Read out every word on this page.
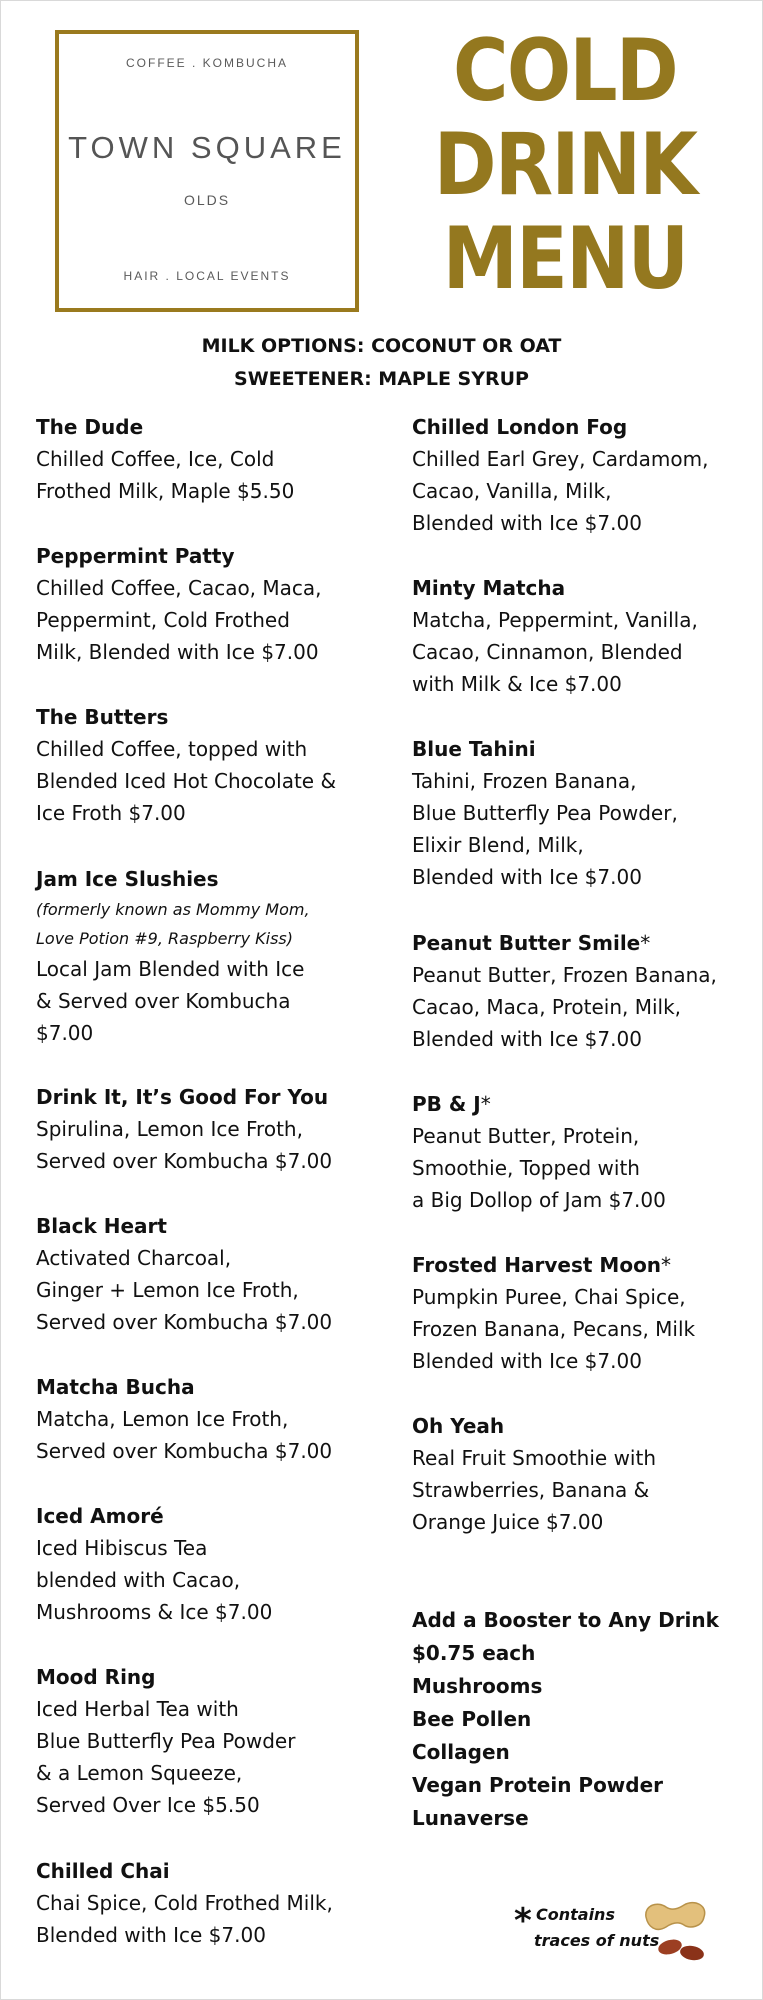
COFFEE . KOMBUCHA
TOWN SQUARE
OLDS
HAIR . LOCAL EVENTS
COLD
DRINK
MENU
MILK OPTIONS: COCONUT OR OAT
SWEETENER: MAPLE SYRUP
The Dude
Chilled Coffee, Ice, Cold
Frothed Milk, Maple $5.50
Peppermint Patty
Chilled Coffee, Cacao, Maca,
Peppermint, Cold Frothed
Milk, Blended with Ice $7.00
The Butters
Chilled Coffee, topped with
Blended Iced Hot Chocolate &
Ice Froth $7.00
Jam Ice Slushies
(formerly known as Mommy Mom,
Love Potion #9, Raspberry Kiss)
Local Jam Blended with Ice
& Served over Kombucha
$7.00
Drink It, It’s Good For You
Spirulina, Lemon Ice Froth,
Served over Kombucha $7.00
Black Heart
Activated Charcoal,
Ginger + Lemon Ice Froth,
Served over Kombucha $7.00
Matcha Bucha
Matcha, Lemon Ice Froth,
Served over Kombucha $7.00
Iced Amoré
Iced Hibiscus Tea
blended with Cacao,
Mushrooms & Ice $7.00
Mood Ring
Iced Herbal Tea with
Blue Butterfly Pea Powder
& a Lemon Squeeze,
Served Over Ice $5.50
Chilled Chai
Chai Spice, Cold Frothed Milk,
Blended with Ice $7.00
Chilled London Fog
Chilled Earl Grey, Cardamom,
Cacao, Vanilla, Milk,
Blended with Ice $7.00
Minty Matcha
Matcha, Peppermint, Vanilla,
Cacao, Cinnamon, Blended
with Milk & Ice $7.00
Blue Tahini
Tahini, Frozen Banana,
Blue Butterfly Pea Powder,
Elixir Blend, Milk,
Blended with Ice $7.00
Peanut Butter Smile*
Peanut Butter, Frozen Banana,
Cacao, Maca, Protein, Milk,
Blended with Ice $7.00
PB & J*
Peanut Butter, Protein,
Smoothie, Topped with
a Big Dollop of Jam $7.00
Frosted Harvest Moon*
Pumpkin Puree, Chai Spice,
Frozen Banana, Pecans, Milk
Blended with Ice $7.00
Oh Yeah
Real Fruit Smoothie with
Strawberries, Banana &
Orange Juice $7.00
Add a Booster to Any Drink
$0.75 each
Mushrooms
Bee Pollen
Collagen
Vegan Protein Powder
Lunaverse
* Contains
traces of nuts
